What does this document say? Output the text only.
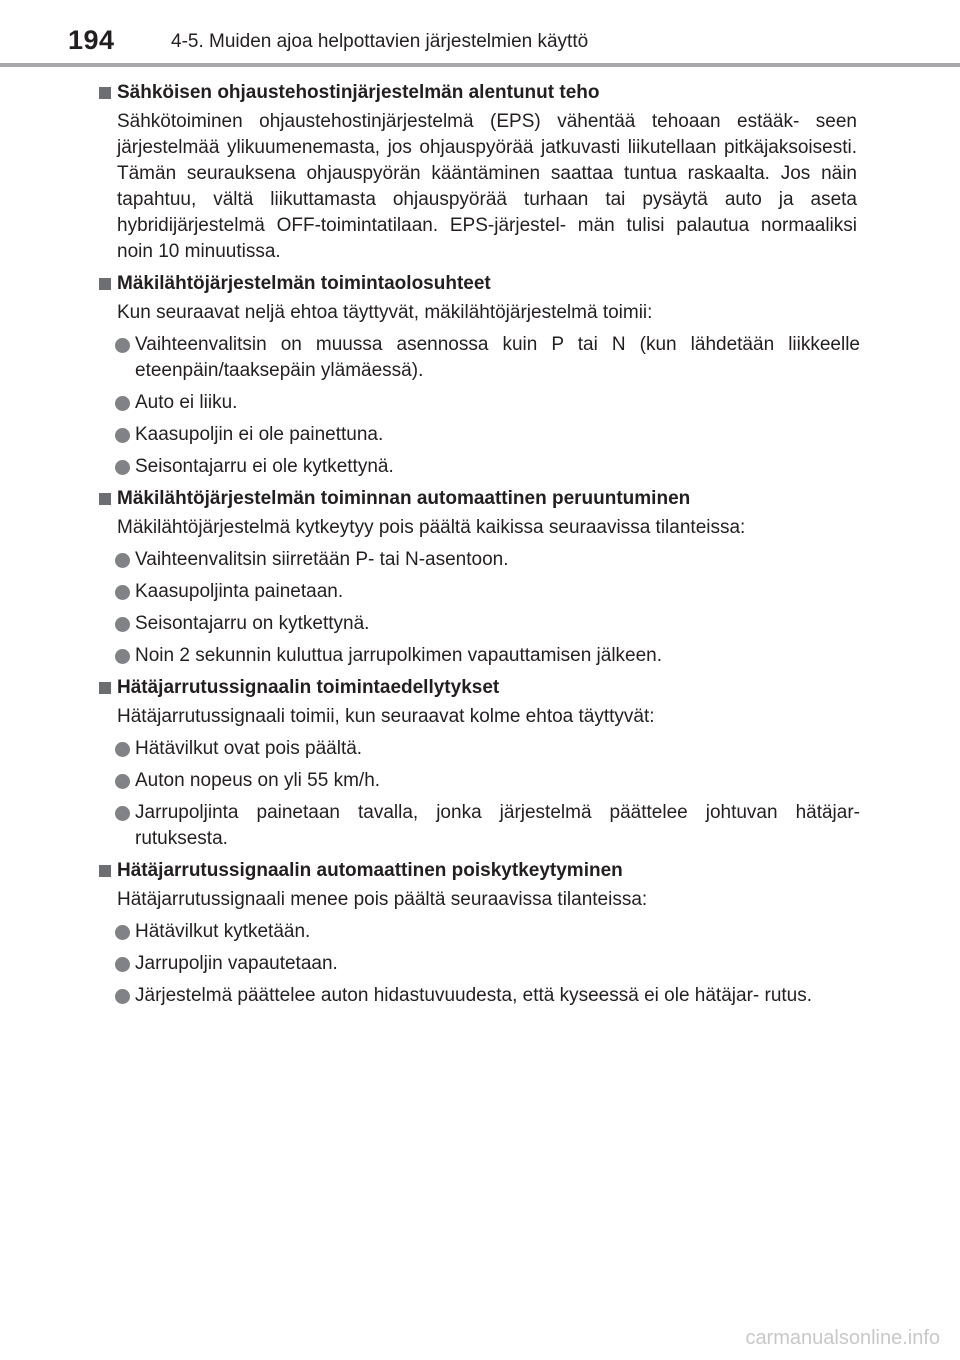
194	4-5. Muiden ajoa helpottavien järjestelmien käyttö
Sähköisen ohjaustehostinjärjestelmän alentunut teho
Sähkötoiminen ohjaustehostinjärjestelmä (EPS) vähentää tehoaan estääk- seen järjestelmää ylikuumenemasta, jos ohjauspyörää jatkuvasti liikutellaan pitkäjaksoisesti. Tämän seurauksena ohjauspyörän kääntäminen saattaa tuntua raskaalta. Jos näin tapahtuu, vältä liikuttamasta ohjauspyörää turhaan tai pysäytä auto ja aseta hybridijärjestelmä OFF-toimintatilaan. EPS-järjestel- män tulisi palautua normaaliksi noin 10 minuutissa.
Mäkilähtöjärjestelmän toimintaolosuhteet
Kun seuraavat neljä ehtoa täyttyvät, mäkilähtöjärjestelmä toimii:
Vaihteenvalitsin on muussa asennossa kuin P tai N (kun lähdetään liikkeelle eteenpäin/taaksepäin ylämäessä).
Auto ei liiku.
Kaasupoljin ei ole painettuna.
Seisontajarru ei ole kytkettynä.
Mäkilähtöjärjestelmän toiminnan automaattinen peruuntuminen
Mäkilähtöjärjestelmä kytkeytyy pois päältä kaikissa seuraavissa tilanteissa:
Vaihteenvalitsin siirretään P- tai N-asentoon.
Kaasupoljinta painetaan.
Seisontajarru on kytkettynä.
Noin 2 sekunnin kuluttua jarrupolkimen vapauttamisen jälkeen.
Hätäjarrutussignaalin toimintaedellytykset
Hätäjarrutussignaali toimii, kun seuraavat kolme ehtoa täyttyvät:
Hätävilkut ovat pois päältä.
Auton nopeus on yli 55 km/h.
Jarrupoljinta painetaan tavalla, jonka järjestelmä päättelee johtuvan hätäjar- rutuksesta.
Hätäjarrutussignaalin automaattinen poiskytkeytyminen
Hätäjarrutussignaali menee pois päältä seuraavissa tilanteissa:
Hätävilkut kytketään.
Jarrupoljin vapautetaan.
Järjestelmä päättelee auton hidastuvuudesta, että kyseessä ei ole hätäjar- rutus.
carmanualsonline.info
